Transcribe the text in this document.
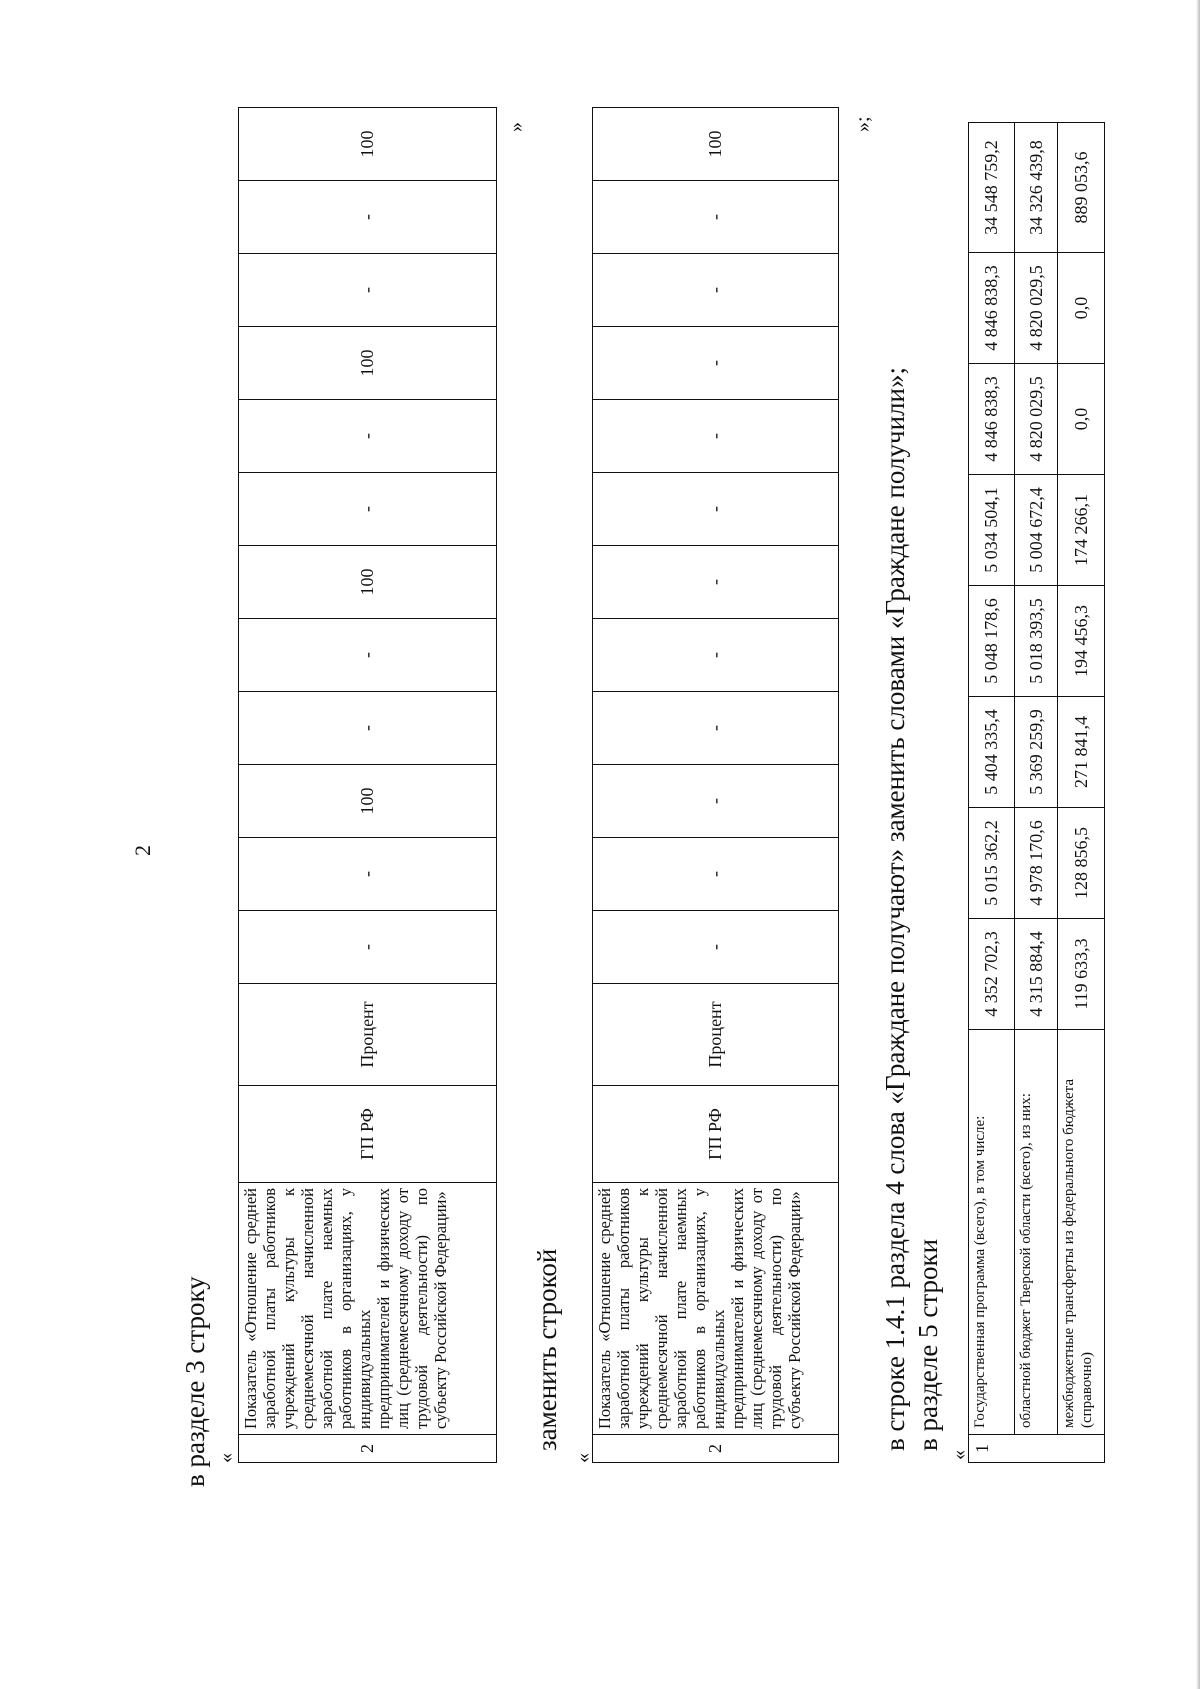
2
в разделе 3 строку «
2	Показатель «Отношение средней заработной платы работников учреждений культуры к среднемесячной начисленной заработной плате наемных работников в организациях, у индивидуальных предпринимателей и физических лиц (среднемесячному доходу от трудовой деятельности) по субъекту Российской Федерации»	ГП РФ	Процент	-	-	100	-	-	100	-	-	100	-	-	100
»
заменить строкой
«
2	Показатель «Отношение средней заработной платы работников учреждений культуры к среднемесячной начисленной заработной плате наемных работников в организациях, у индивидуальных предпринимателей и физических лиц (среднемесячному доходу от трудовой деятельности) по субъекту Российской Федерации»	ГП РФ	Процент	-	-	-	-	-	-	-	-	-	-	-	100
»;
в строке 1.4.1 раздела 4 слова «Граждане получают» заменить словами «Граждане получили»; в разделе 5 строки
«
1	Государственная программа (всего), в том числе:	4 352 702,3	5 015 362,2	5 404 335,4	5 048 178,6	5 034 504,1	4 846 838,3	4 846 838,3	34 548 759,2
	областной бюджет Тверской области (всего), из них:	4 315 884,4	4 978 170,6	5 369 259,9	5 018 393,5	5 004 672,4	4 820 029,5	4 820 029,5	34 326 439,8
	межбюджетные трансферты из федерального бюджета (справочно)	119 633,3	128 856,5	271 841,4	194 456,3	174 266,1	0,0	0,0	889 053,6
